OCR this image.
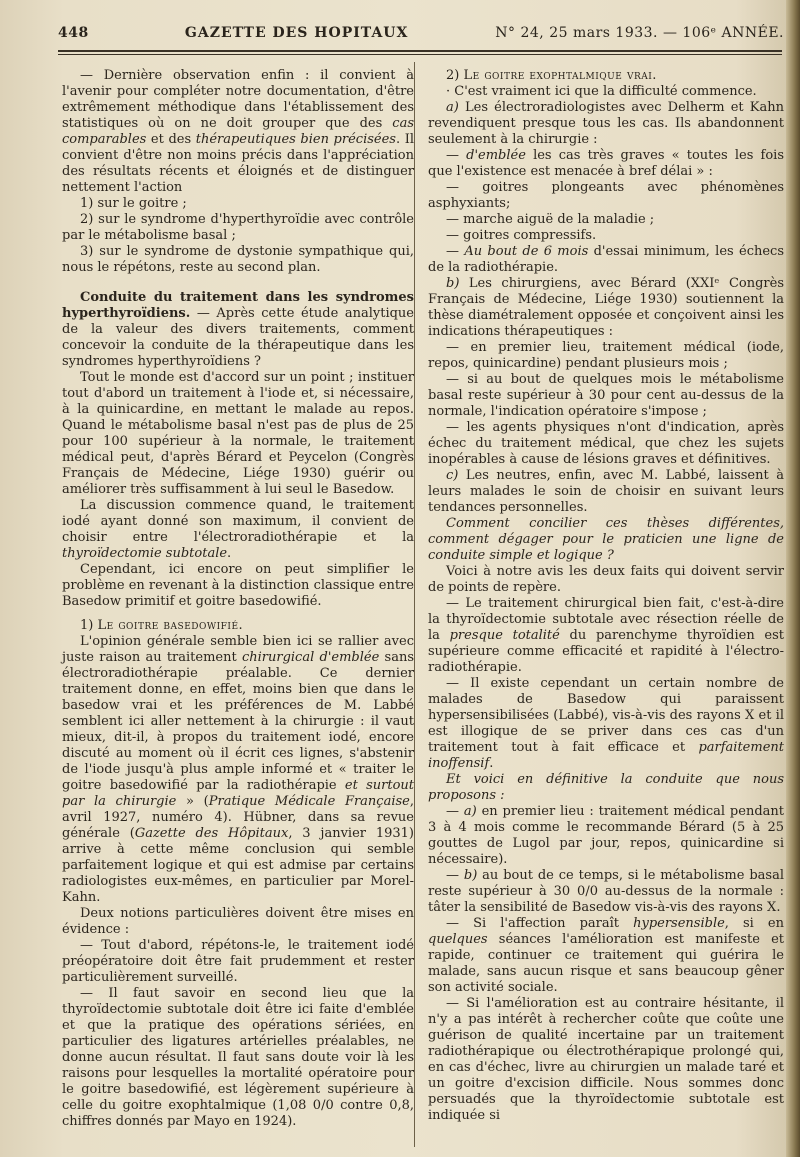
448	GAZETTE DES HOPITAUX	N° 24, 25 mars 1933. — 106ᵉ ANNÉE.

— Dernière observation enfin : il convient à l'avenir pour compléter notre documentation, d'être extrêmement méthodique dans l'établissement des statistiques où on ne doit grouper que des cas comparables et des thérapeutiques bien précisées. Il convient d'être non moins précis dans l'appréciation des résultats récents et éloignés et de distinguer nettement l'action

1) sur le goitre ;

2) sur le syndrome d'hyperthyroïdie avec contrôle par le métabolisme basal ;

3) sur le syndrome de dystonie sympathique qui, nous le répétons, reste au second plan.

Conduite du traitement dans les syndromes hyperthyroïdiens. — Après cette étude analytique de la valeur des divers traitements, comment concevoir la conduite de la thérapeutique dans les syndromes hyperthyroïdiens ?

Tout le monde est d'accord sur un point ; instituer tout d'abord un traitement à l'iode et, si nécessaire, à la quinicardine, en mettant le malade au repos. Quand le métabolisme basal n'est pas de plus de 25 pour 100 supérieur à la normale, le traitement médical peut, d'après Bérard et Peycelon (Congrès Français de Médecine, Liége 1930) guérir ou améliorer très suffisamment à lui seul le Basedow.

La discussion commence quand, le traitement iodé ayant donné son maximum, il convient de choisir entre l'électroradiothérapie et la thyroïdectomie subtotale.

Cependant, ici encore on peut simplifier le problème en revenant à la distinction classique entre Basedow primitif et goitre basedowifié.

1) Le goitre basedowifié.

L'opinion générale semble bien ici se rallier avec juste raison au traitement chirurgical d'emblée sans électroradiothérapie préalable. Ce dernier traitement donne, en effet, moins bien que dans le basedow vrai et les préférences de M. Labbé semblent ici aller nettement à la chirurgie : il vaut mieux, dit-il, à propos du traitement iodé, encore discuté au moment où il écrit ces lignes, s'abstenir de l'iode jusqu'à plus ample informé et « traiter le goitre basedowifié par la radiothérapie et surtout par la chirurgie » (Pratique Médicale Française, avril 1927, numéro 4). Hübner, dans sa revue générale (Gazette des Hôpitaux, 3 janvier 1931) arrive à cette même conclusion qui semble parfaitement logique et qui est admise par certains radiologistes eux-mêmes, en particulier par Morel-Kahn.

Deux notions particulières doivent être mises en évidence :

— Tout d'abord, répétons-le, le traitement iodé préopératoire doit être fait prudemment et rester particulièrement surveillé.

— Il faut savoir en second lieu que la thyroïdectomie subtotale doit être ici faite d'emblée et que la pratique des opérations sériées, en particulier des ligatures artérielles préalables, ne donne aucun résultat. Il faut sans doute voir là les raisons pour lesquelles la mortalité opératoire pour le goitre basedowifié, est légèrement supérieure à celle du goitre exophtalmique (1,08 0/0 contre 0,8, chiffres donnés par Mayo en 1924).

2) Le goitre exophtalmique vrai.

· C'est vraiment ici que la difficulté commence.

a) Les électroradiologistes avec Delherm et Kahn revendiquent presque tous les cas. Ils abandonnent seulement à la chirurgie :

— d'emblée les cas très graves « toutes les fois que l'existence est menacée à bref délai » :

— goitres plongeants avec phénomènes asphyxiants;

— marche aiguë de la maladie ;

— goitres compressifs.

— Au bout de 6 mois d'essai minimum, les échecs de la radiothérapie.

b) Les chirurgiens, avec Bérard (XXIᵉ Congrès Français de Médecine, Liége 1930) soutiennent la thèse diamétralement opposée et conçoivent ainsi les indications thérapeutiques :

— en premier lieu, traitement médical (iode, repos, quinicardine) pendant plusieurs mois ;

— si au bout de quelques mois le métabolisme basal reste supérieur à 30 pour cent au-dessus de la normale, l'indication opératoire s'impose ;

— les agents physiques n'ont d'indication, après échec du traitement médical, que chez les sujets inopérables à cause de lésions graves et définitives.

c) Les neutres, enfin, avec M. Labbé, laissent à leurs malades le soin de choisir en suivant leurs tendances personnelles.

Comment concilier ces thèses différentes, comment dégager pour le praticien une ligne de conduite simple et logique ?

Voici à notre avis les deux faits qui doivent servir de points de repère.

— Le traitement chirurgical bien fait, c'est-à-dire la thyroïdectomie subtotale avec résection réelle de la presque totalité du parenchyme thyroïdien est supérieure comme efficacité et rapidité à l'électro-radiothérapie.

— Il existe cependant un certain nombre de malades de Basedow qui paraissent hypersensibilisées (Labbé), vis-à-vis des rayons X et il est illogique de se priver dans ces cas d'un traitement tout à fait efficace et parfaitement inoffensif.

Et voici en définitive la conduite que nous proposons :

— a) en premier lieu : traitement médical pendant 3 à 4 mois comme le recommande Bérard (5 à 25 gouttes de Lugol par jour, repos, quinicardine si nécessaire).

— b) au bout de ce temps, si le métabolisme basal reste supérieur à 30 0/0 au-dessus de la normale : tâter la sensibilité de Basedow vis-à-vis des rayons X.

— Si l'affection paraît hypersensible, si en quelques séances l'amélioration est manifeste et rapide, continuer ce traitement qui guérira le malade, sans aucun risque et sans beaucoup gêner son activité sociale.

— Si l'amélioration est au contraire hésitante, il n'y a pas intérêt à rechercher coûte que coûte une guérison de qualité incertaine par un traitement radiothérapique ou électrothérapique prolongé qui, en cas d'échec, livre au chirurgien un malade taré et un goitre d'excision difficile. Nous sommes donc persuadés que la thyroïdectomie subtotale est indiquée si
